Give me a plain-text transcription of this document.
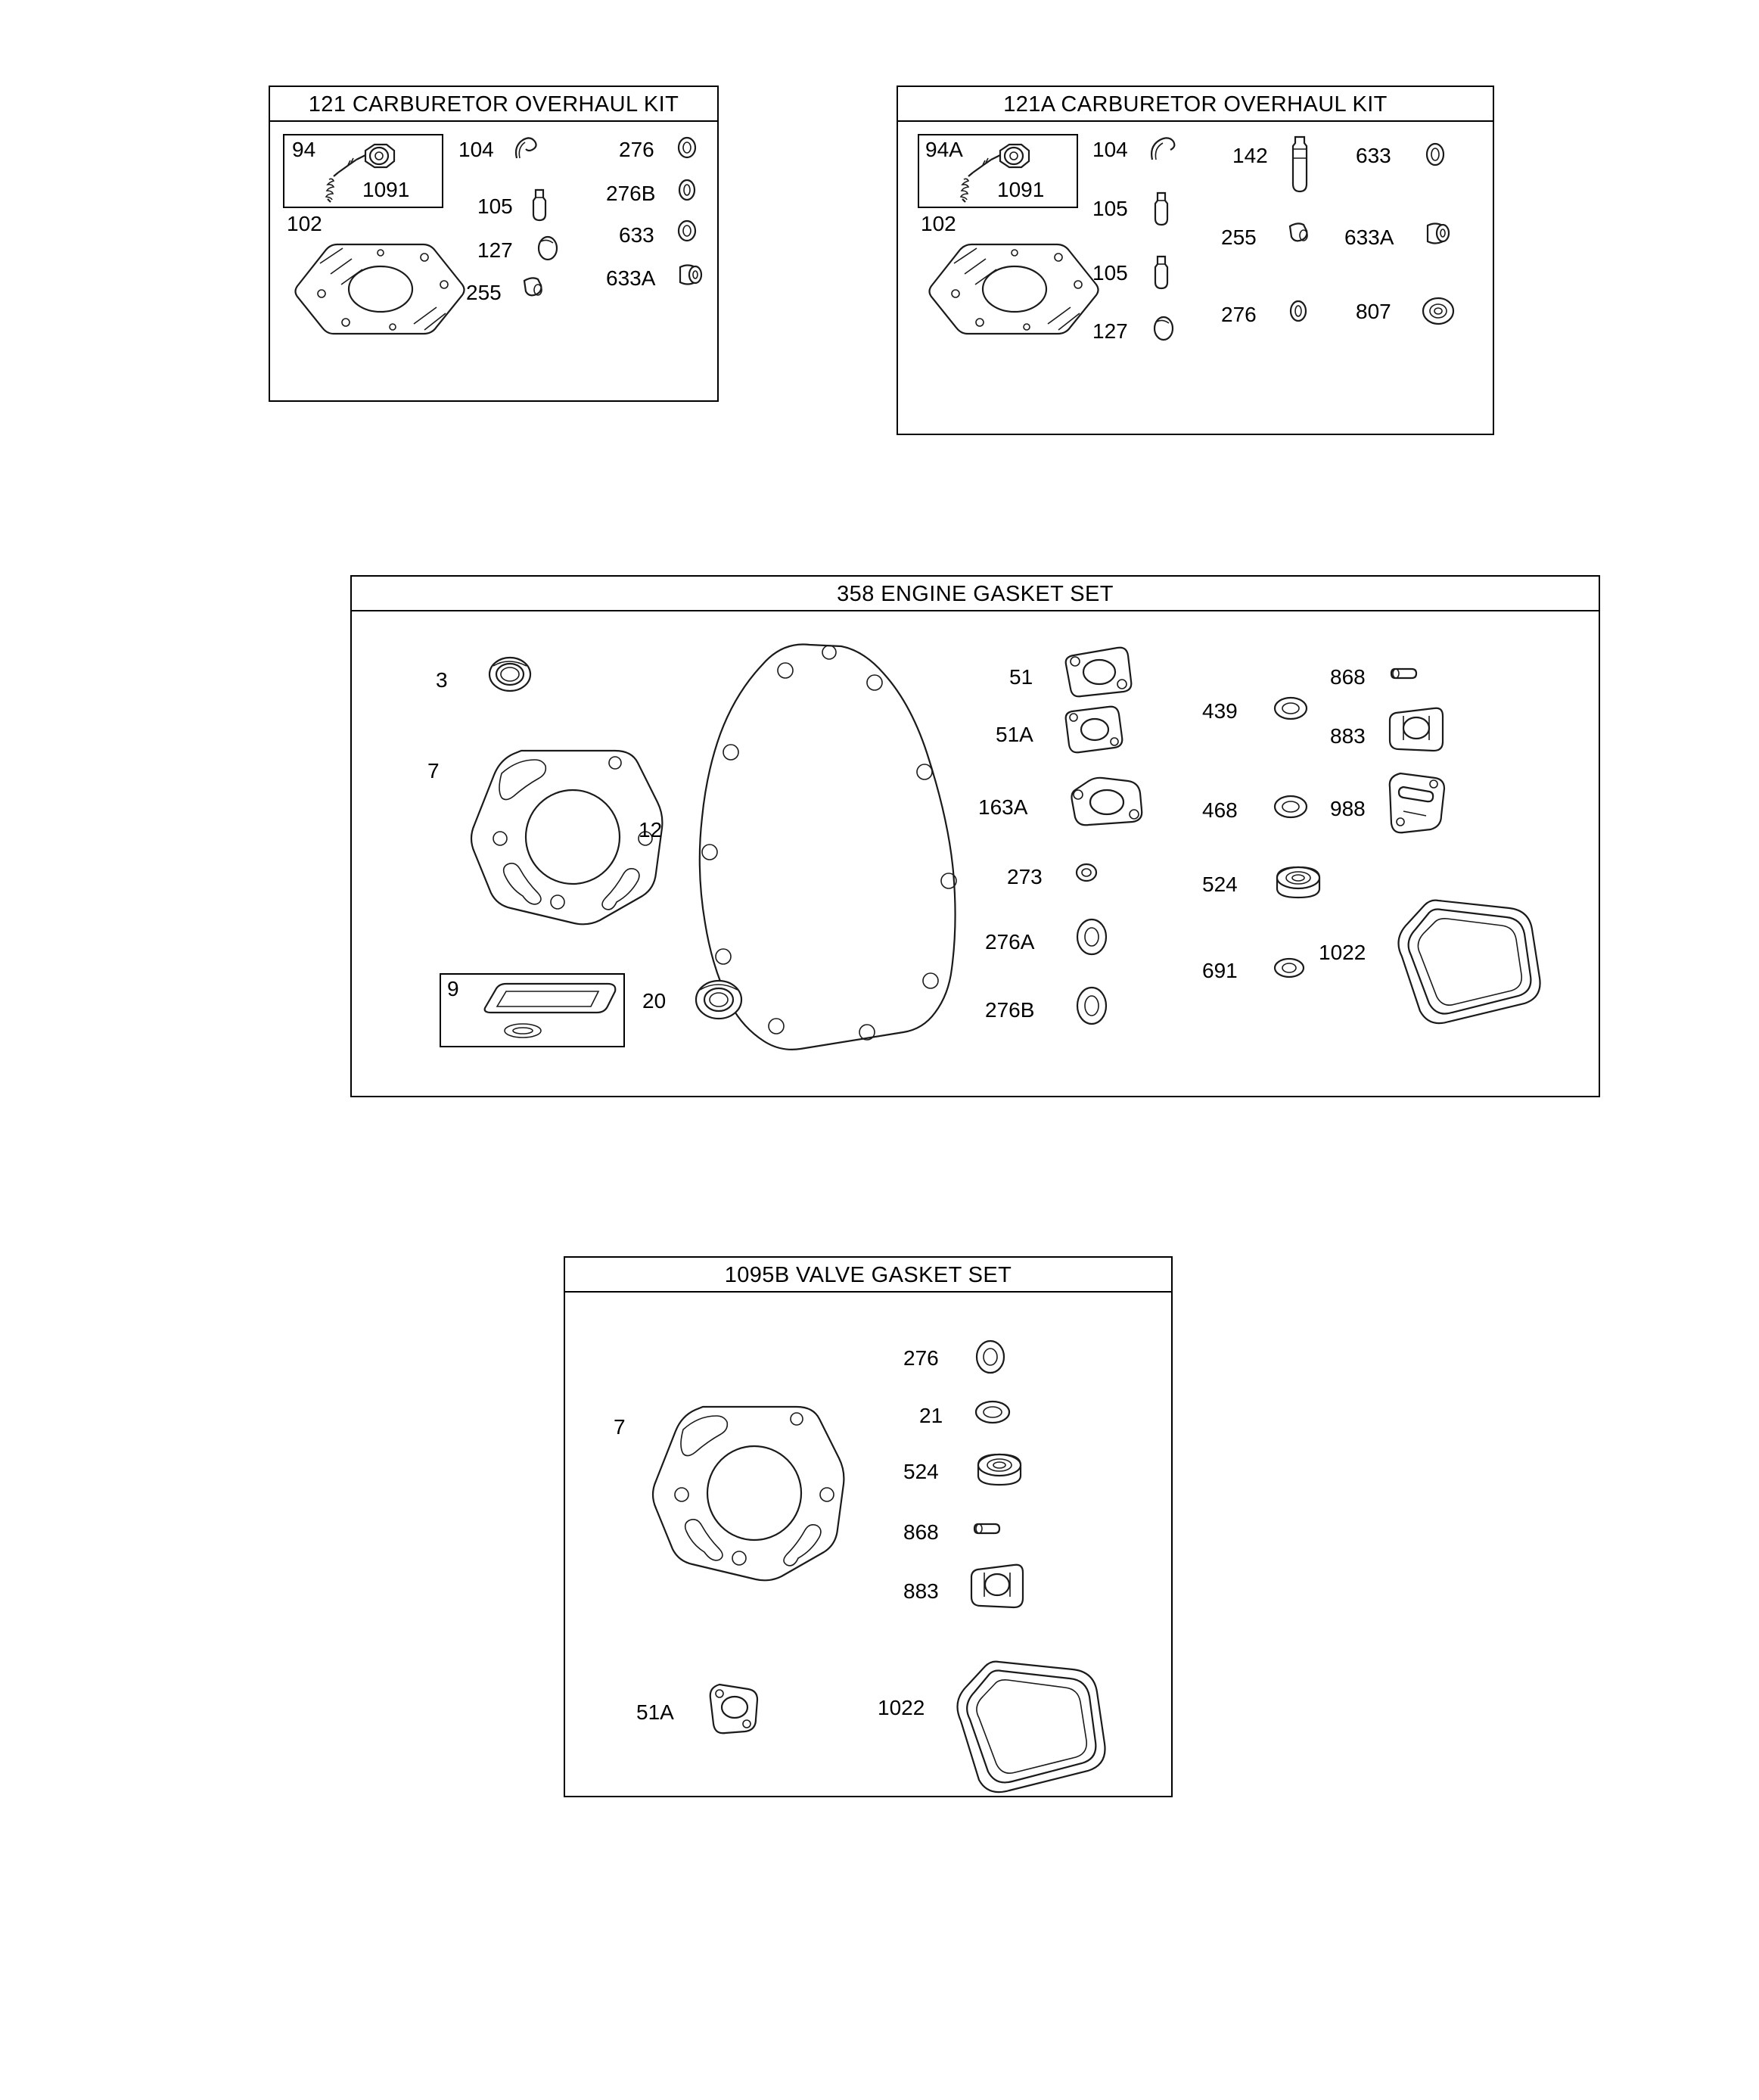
121 CARBURETOR OVERHAUL KIT
94
1091
104	276
276B
105
633
102
127
633A
255
121A CARBURETOR OVERHAUL KIT
94A
1091
104	142	633
105
255	633A
102
105
276	807
127
358 ENGINE GASKET SET
3
7
9
12
20
51
51A
163A
273
276A
276B
439
468
524
691
868
883
988
1022
1095B VALVE GASKET SET
7
276
21
524
868
883
51A	1022
